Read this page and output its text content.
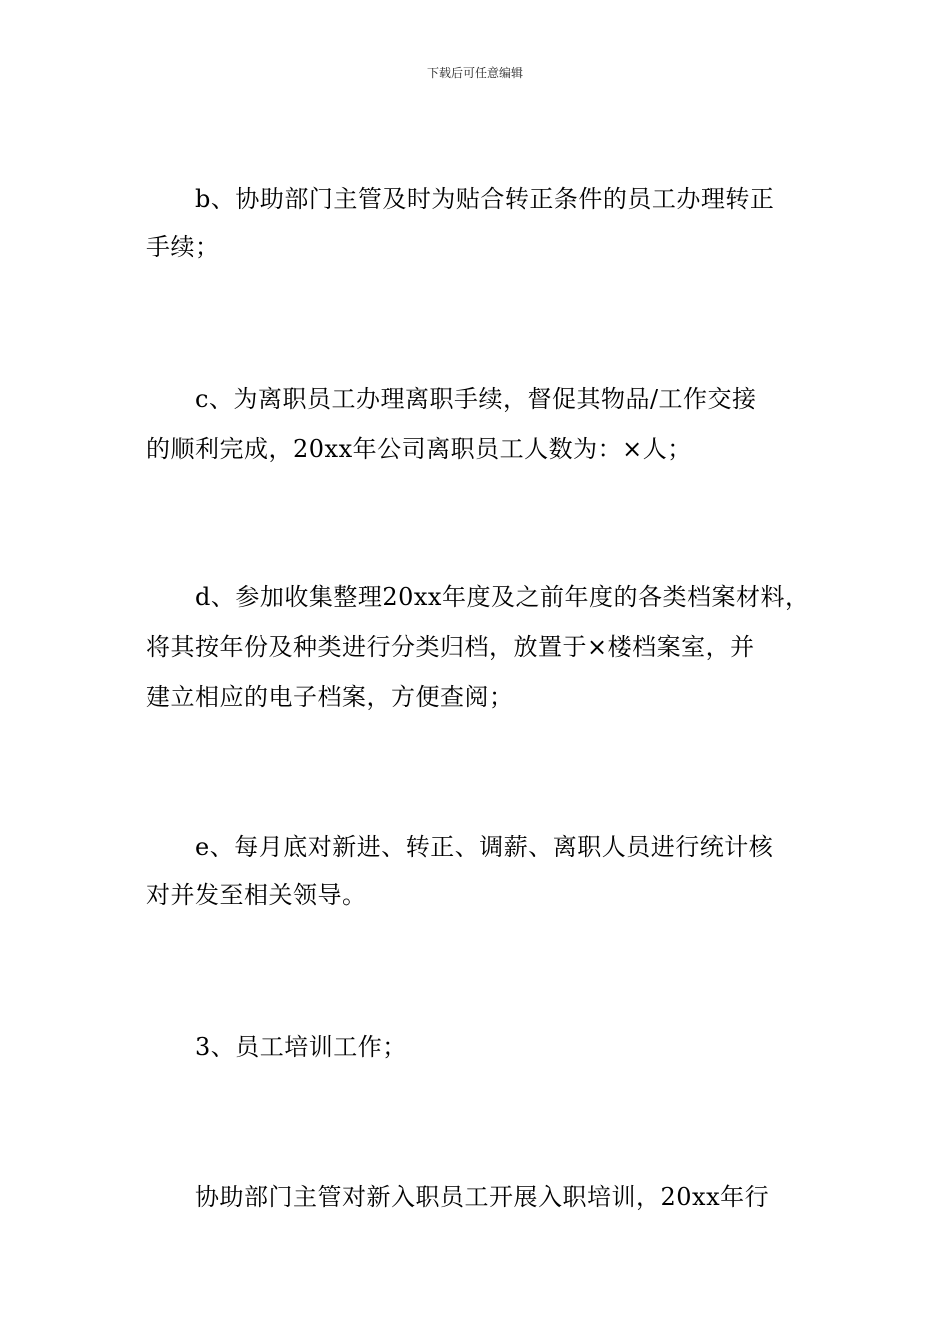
下载后可任意编辑
　　b、协助部门主管及时为贴合转正条件的员工办理转正
手续；
　　c、为离职员工办理离职手续，督促其物品/工作交接
的顺利完成，20xx年公司离职员工人数为：×人；
　　d、参加收集整理20xx年度及之前年度的各类档案材料，
将其按年份及种类进行分类归档，放置于×楼档案室，并
建立相应的电子档案，方便查阅；
　　e、每月底对新进、转正、调薪、离职人员进行统计核
对并发至相关领导。
　　3、员工培训工作；
　　协助部门主管对新入职员工开展入职培训，20xx年行
